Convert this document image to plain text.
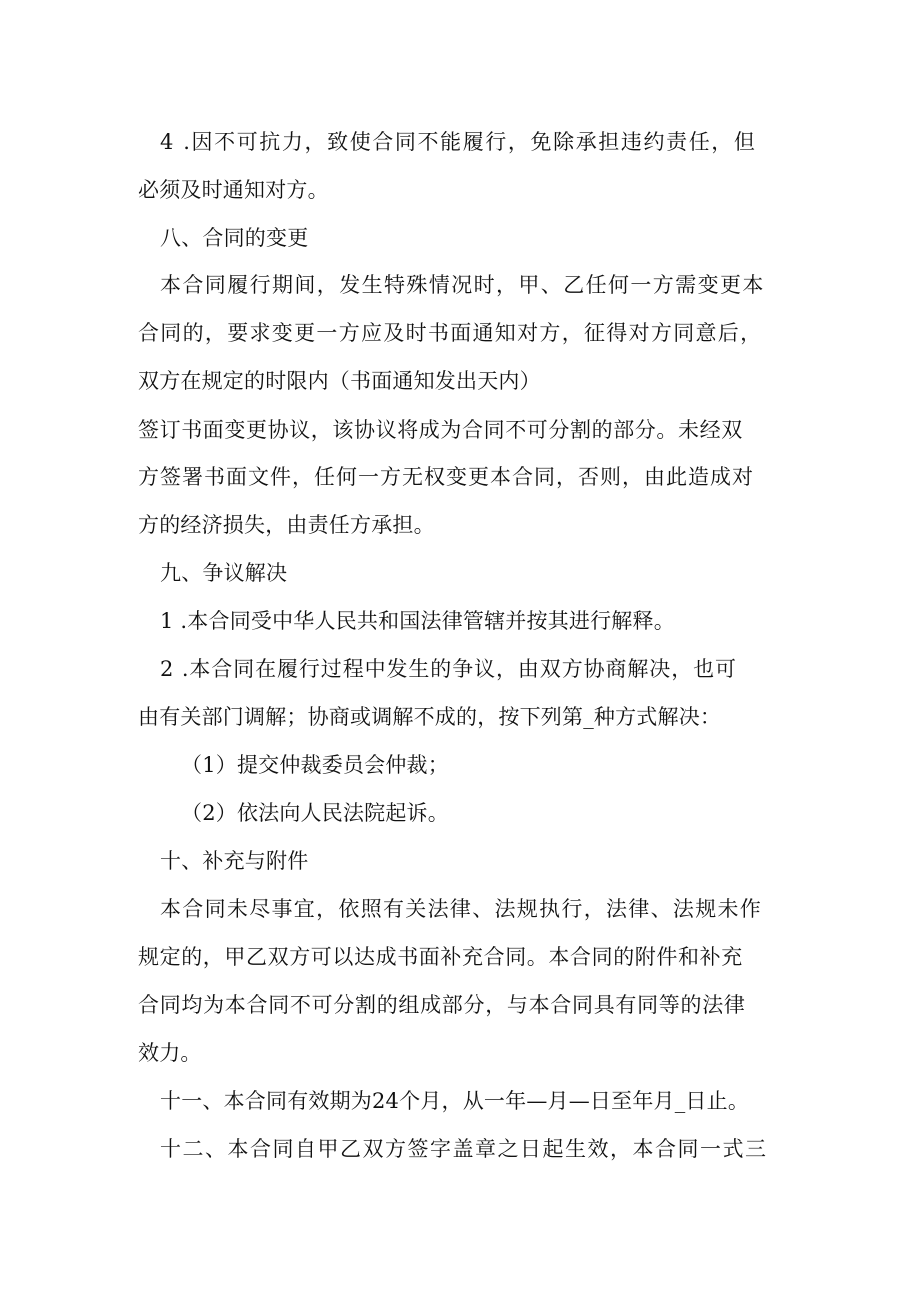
4 .因不可抗力，致使合同不能履行，免除承担违约责任，但
必须及时通知对方。
八、合同的变更
本合同履行期间，发生特殊情况时，甲、乙任何一方需变更本
合同的，要求变更一方应及时书面通知对方，征得对方同意后，
双方在规定的时限内（书面通知发出天内）
签订书面变更协议，该协议将成为合同不可分割的部分。未经双
方签署书面文件，任何一方无权变更本合同，否则，由此造成对
方的经济损失，由责任方承担。
九、争议解决
1 .本合同受中华人民共和国法律管辖并按其进行解释。
2 .本合同在履行过程中发生的争议，由双方协商解决，也可
由有关部门调解；协商或调解不成的，按下列第_种方式解决：
（1）提交仲裁委员会仲裁；
（2）依法向人民法院起诉。
十、补充与附件
本合同未尽事宜，依照有关法律、法规执行，法律、法规未作
规定的，甲乙双方可以达成书面补充合同。本合同的附件和补充
合同均为本合同不可分割的组成部分，与本合同具有同等的法律
效力。
十一、本合同有效期为24个月，从一年—月—日至年月_日止。
十二、本合同自甲乙双方签字盖章之日起生效，本合同一式三
